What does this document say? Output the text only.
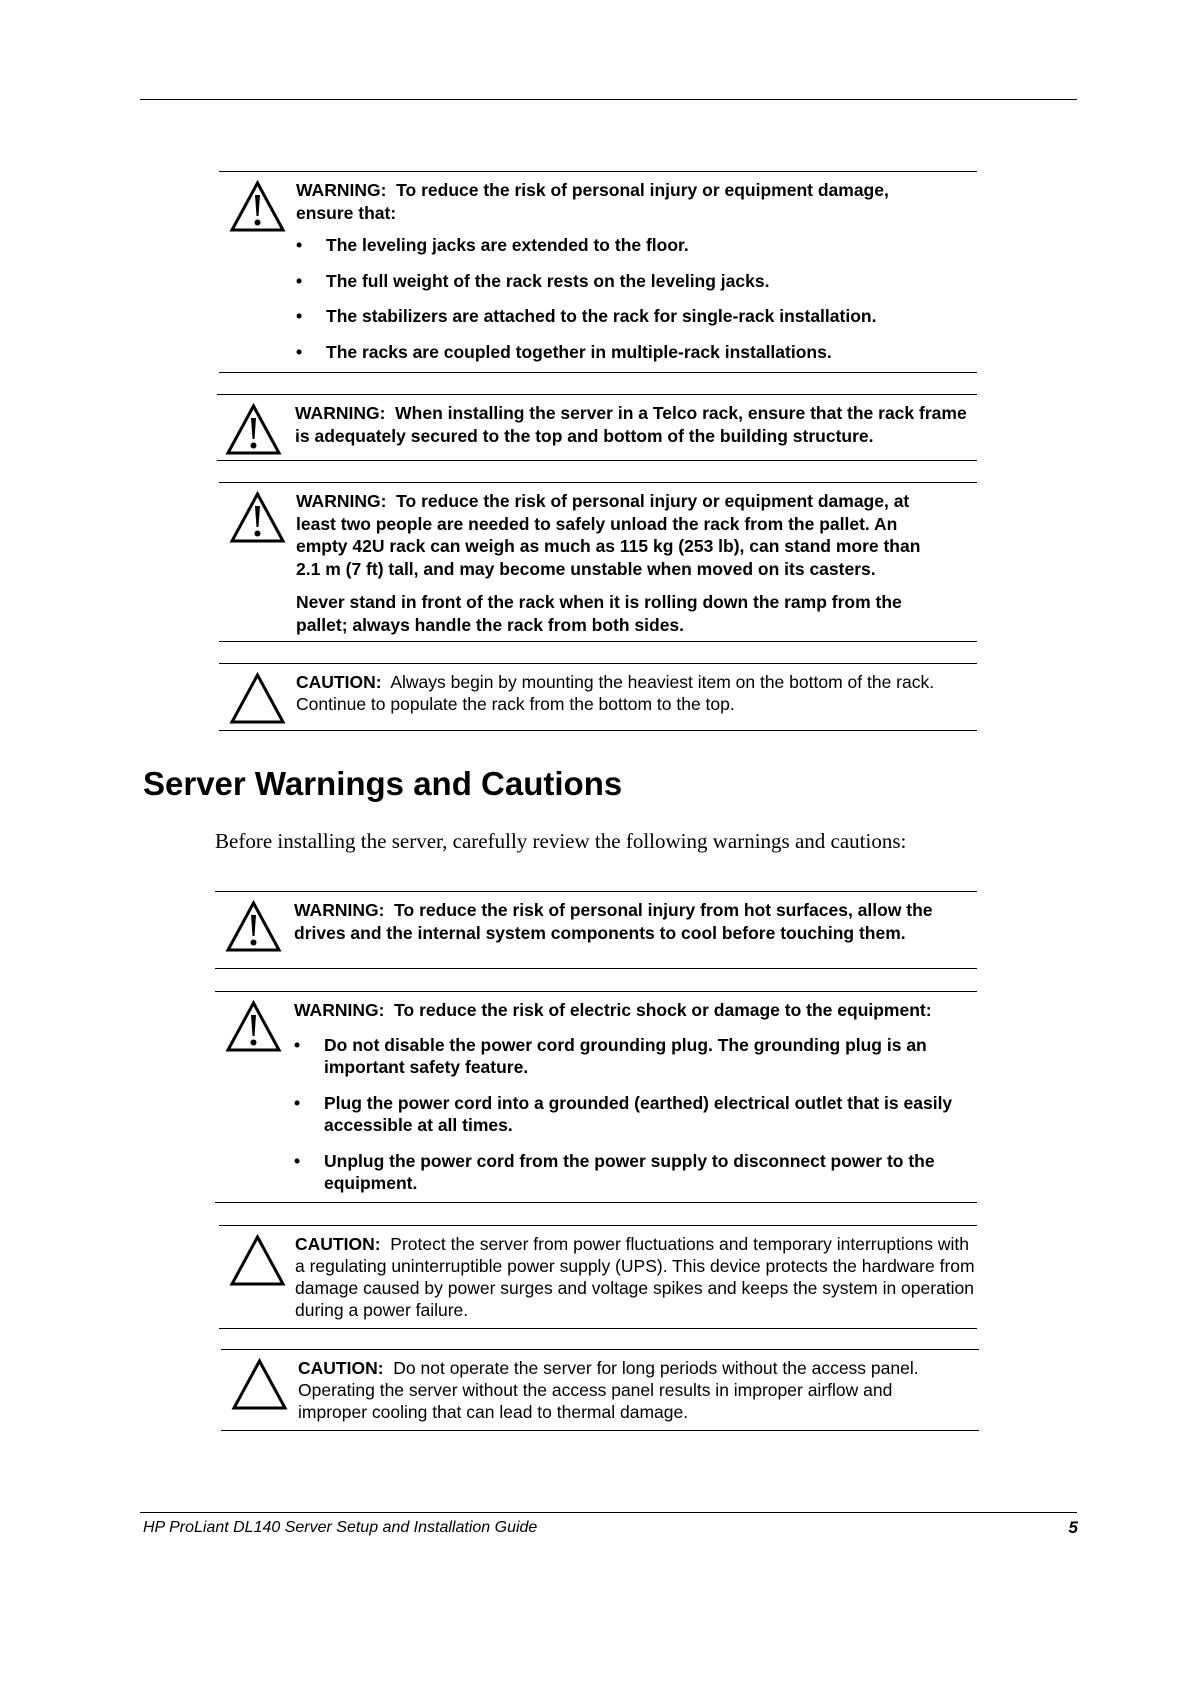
WARNING: To reduce the risk of personal injury or equipment damage, ensure that:

• The leveling jacks are extended to the floor.
• The full weight of the rack rests on the leveling jacks.
• The stabilizers are attached to the rack for single-rack installation.
• The racks are coupled together in multiple-rack installations.

WARNING: When installing the server in a Telco rack, ensure that the rack frame is adequately secured to the top and bottom of the building structure.

WARNING: To reduce the risk of personal injury or equipment damage, at least two people are needed to safely unload the rack from the pallet. An empty 42U rack can weigh as much as 115 kg (253 lb), can stand more than 2.1 m (7 ft) tall, and may become unstable when moved on its casters.

Never stand in front of the rack when it is rolling down the ramp from the pallet; always handle the rack from both sides.

CAUTION: Always begin by mounting the heaviest item on the bottom of the rack. Continue to populate the rack from the bottom to the top.

Server Warnings and Cautions

Before installing the server, carefully review the following warnings and cautions:

WARNING: To reduce the risk of personal injury from hot surfaces, allow the drives and the internal system components to cool before touching them.

WARNING: To reduce the risk of electric shock or damage to the equipment:

• Do not disable the power cord grounding plug. The grounding plug is an important safety feature.
• Plug the power cord into a grounded (earthed) electrical outlet that is easily accessible at all times.
• Unplug the power cord from the power supply to disconnect power to the equipment.

CAUTION: Protect the server from power fluctuations and temporary interruptions with a regulating uninterruptible power supply (UPS). This device protects the hardware from damage caused by power surges and voltage spikes and keeps the system in operation during a power failure.

CAUTION: Do not operate the server for long periods without the access panel. Operating the server without the access panel results in improper airflow and improper cooling that can lead to thermal damage.

HP ProLiant DL140 Server Setup and Installation Guide	5
